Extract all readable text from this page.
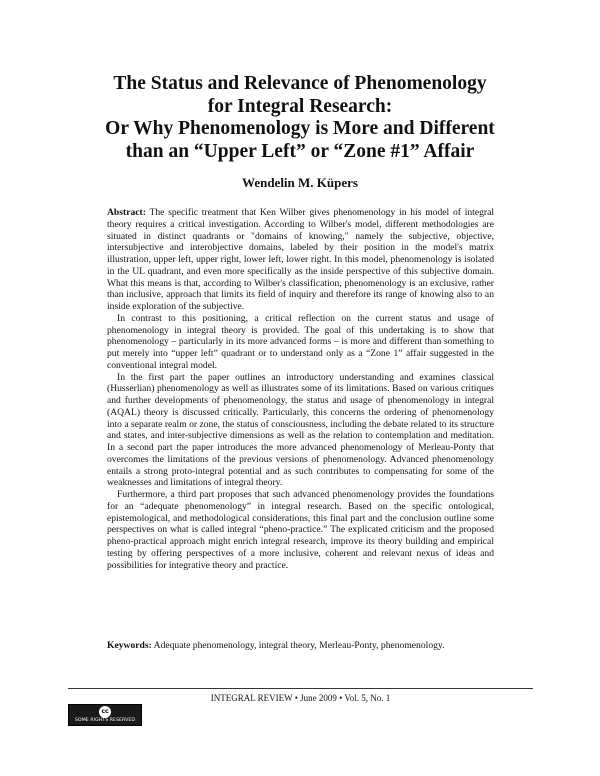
The Status and Relevance of Phenomenology
for Integral Research:
Or Why Phenomenology is More and Different
than an “Upper Left” or “Zone #1” Affair
Wendelin M. Küpers

Abstract: The specific treatment that Ken Wilber gives phenomenology in his model of integral theory requires a critical investigation. According to Wilber's model, different methodologies are situated in distinct quadrants or "domains of knowing," namely the subjective, objective, intersubjective and interobjective domains, labeled by their position in the model's matrix illustration, upper left, upper right, lower left, lower right. In this model, phenomenology is isolated in the UL quadrant, and even more specifically as the inside perspective of this subjective domain. What this means is that, according to Wilber's classification, phenomenology is an exclusive, rather than inclusive, approach that limits its field of inquiry and therefore its range of knowing also to an inside exploration of the subjective.

In contrast to this positioning, a critical reflection on the current status and usage of phenomenology in integral theory is provided. The goal of this undertaking is to show that phenomenology – particularly in its more advanced forms – is more and different than something to put merely into “upper left” quadrant or to understand only as a “Zone 1” affair suggested in the conventional integral model.

In the first part the paper outlines an introductory understanding and examines classical (Husserlian) phenomenology as well as illustrates some of its limitations. Based on various critiques and further developments of phenomenology, the status and usage of phenomenology in integral (AQAL) theory is discussed critically. Particularly, this concerns the ordering of phenomenology into a separate realm or zone, the status of consciousness, including the debate related to its structure and states, and inter-subjective dimensions as well as the relation to contemplation and meditation. In a second part the paper introduces the more advanced phenomenology of Merleau-Ponty that overcomes the limitations of the previous versions of phenomenology. Advanced phenomenology entails a strong proto-integral potential and as such contributes to compensating for some of the weaknesses and limitations of integral theory.

Furthermore, a third part proposes that such advanced phenomenology provides the foundations for an “adequate phenomenology” in integral research. Based on the specific ontological, epistemological, and methodological considerations, this final part and the conclusion outline some perspectives on what is called integral “pheno-practice.” The explicated criticism and the proposed pheno-practical approach might enrich integral research, improve its theory building and empirical testing by offering perspectives of a more inclusive, coherent and relevant nexus of ideas and possibilities for integrative theory and practice.

Keywords: Adequate phenomenology, integral theory, Merleau-Ponty, phenomenology.
INTEGRAL REVIEW • June 2009 • Vol. 5, No. 1
cc
SOME RIGHTS RESERVED
